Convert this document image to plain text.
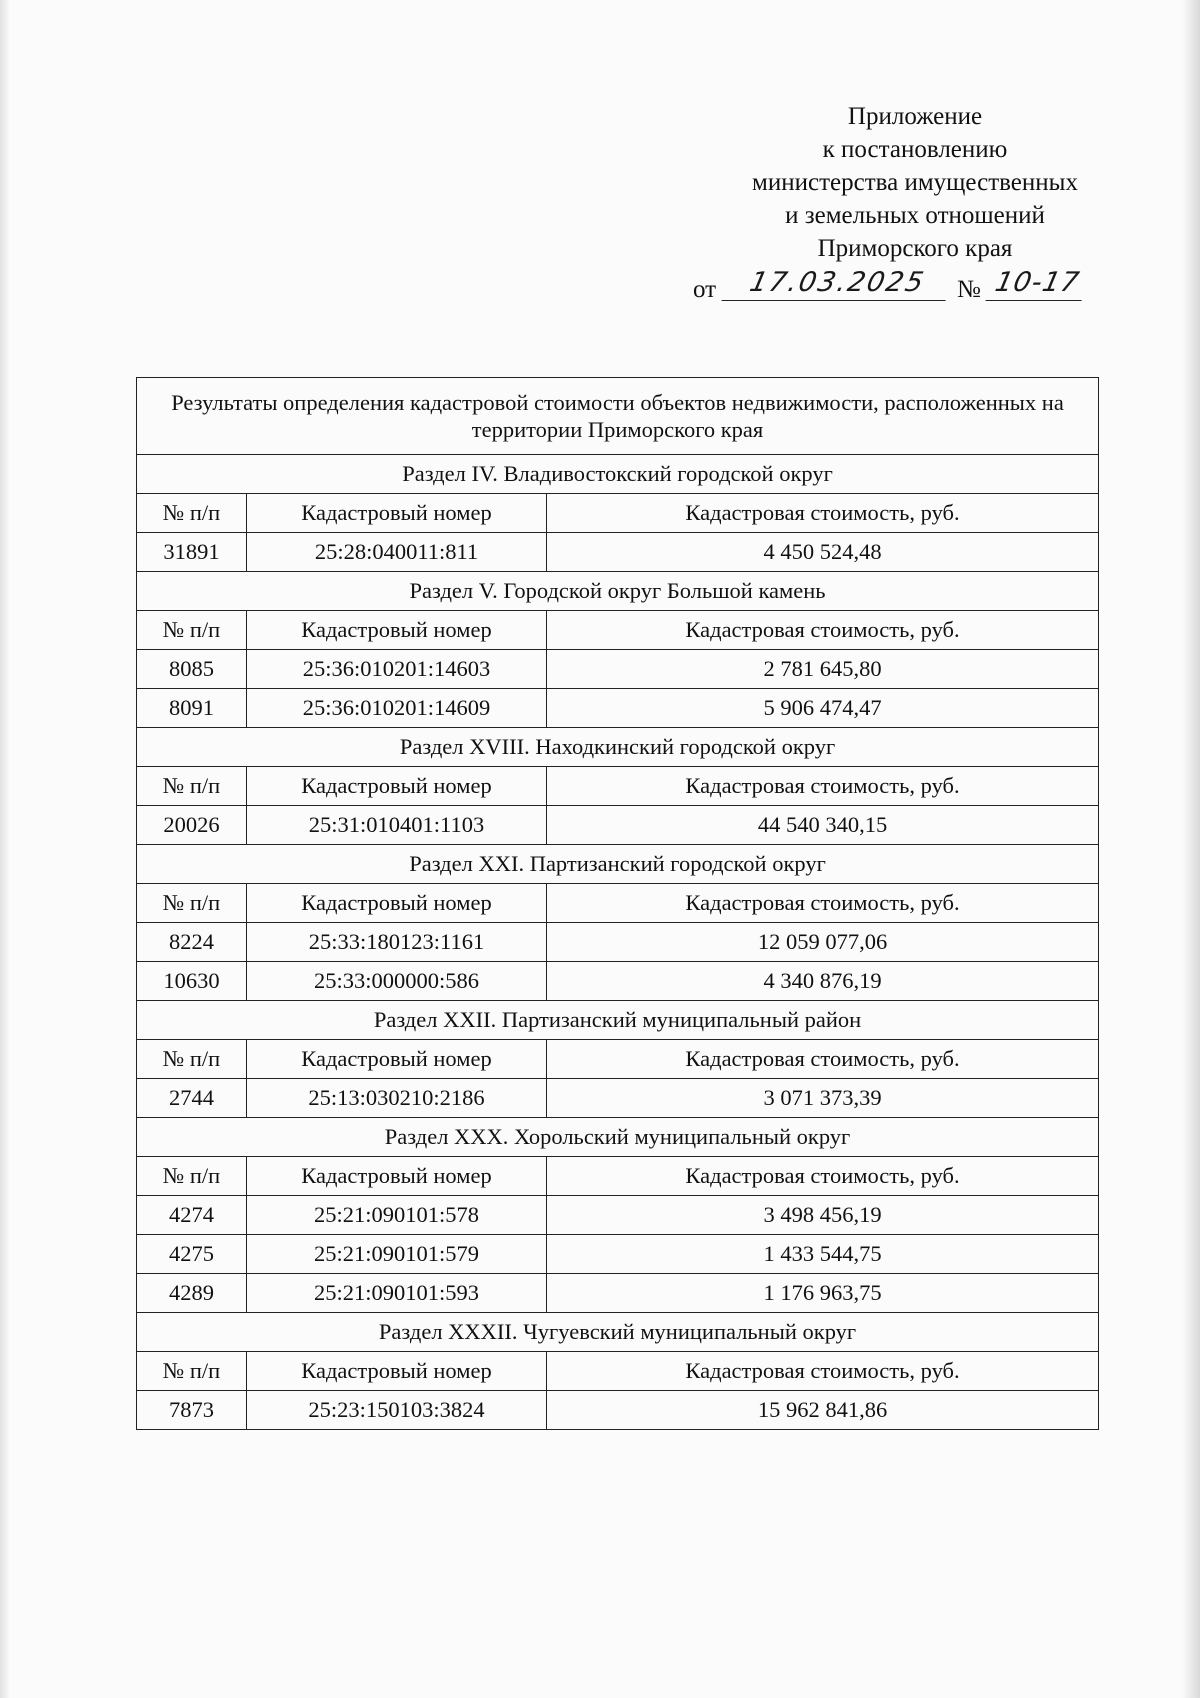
Приложение
к постановлению
министерства имущественных
и земельных отношений
Приморского края
от	17.03.2025	№ 10-17
Результаты определения кадастровой стоимости объектов недвижимости, расположенных на территории Приморского края		
Раздел IV. Владивостокский городской округ		
№ п/п	Кадастровый номер	Кадастровая стоимость, руб.
31891	25:28:040011:811	4 450 524,48
Раздел V. Городской округ Большой камень		
№ п/п	Кадастровый номер	Кадастровая стоимость, руб.
8085	25:36:010201:14603	2 781 645,80
8091	25:36:010201:14609	5 906 474,47
Раздел XVIII. Находкинский городской округ		
№ п/п	Кадастровый номер	Кадастровая стоимость, руб.
20026	25:31:010401:1103	44 540 340,15
Раздел XXI. Партизанский городской округ		
№ п/п	Кадастровый номер	Кадастровая стоимость, руб.
8224	25:33:180123:1161	12 059 077,06
10630	25:33:000000:586	4 340 876,19
Раздел XXII. Партизанский муниципальный район		
№ п/п	Кадастровый номер	Кадастровая стоимость, руб.
2744	25:13:030210:2186	3 071 373,39
Раздел XXX. Хорольский муниципальный округ		
№ п/п	Кадастровый номер	Кадастровая стоимость, руб.
4274	25:21:090101:578	3 498 456,19
4275	25:21:090101:579	1 433 544,75
4289	25:21:090101:593	1 176 963,75
Раздел XXXII. Чугуевский муниципальный округ		
№ п/п	Кадастровый номер	Кадастровая стоимость, руб.
7873	25:23:150103:3824	15 962 841,86
